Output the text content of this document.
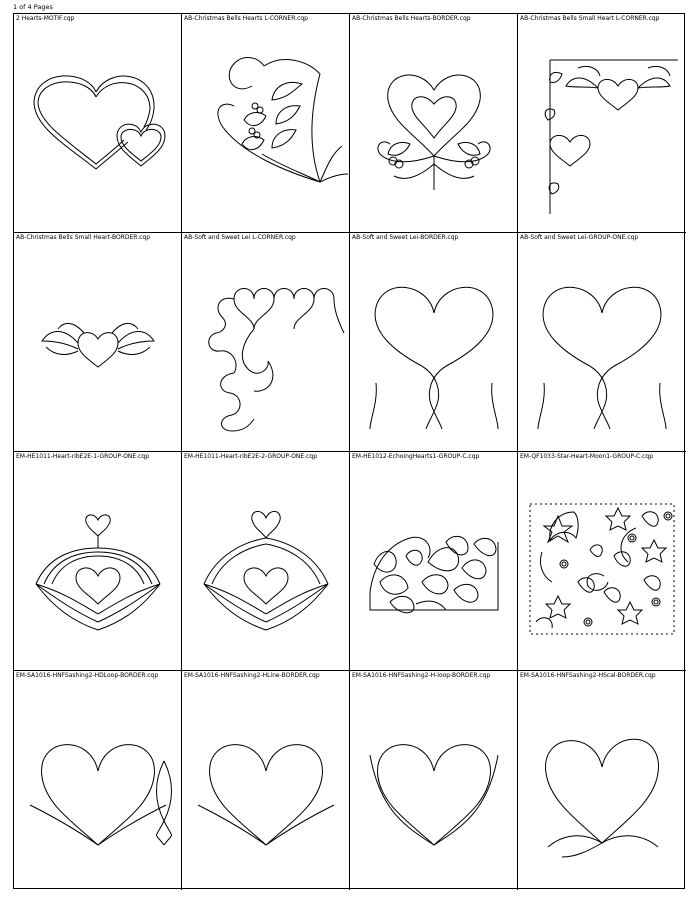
1 of 4 Pages
2 Hearts-MOTIF.cqp	AB-Christmas Bells Hearts L-CORNER.cqp	AB-Christmas Bells Hearts-BORDER.cqp	AB-Christmas Bells Small Heart L-CORNER.cqp
AB-Christmas Bells Small Heart-BORDER.cqp	AB-Soft and Sweet Lei L-CORNER.cqp	AB-Soft and Sweet Lei-BORDER.cqp	AB-Soft and Sweet Lei-GROUP-ONE.cqp
EM-HE1011-Heart-ribE2E-1-GROUP-ONE.cqp	EM-HE1011-Heart-ribE2E-2-GROUP-ONE.cqp	EM-HE1012-EchoingHearts1-GROUP-C.cqp	EM-QF1033-Star-Heart-Moon1-GROUP-C.cqp
EM-SA1016-HNFSashing2-HDLoop-BORDER.cqp	EM-SA1016-HNFSashing2-HLine-BORDER.cqp	EM-SA1016-HNFSashing2-H-loop-BORDER.cqp	EM-SA1016-HNFSashing2-HScal-BORDER.cqp
